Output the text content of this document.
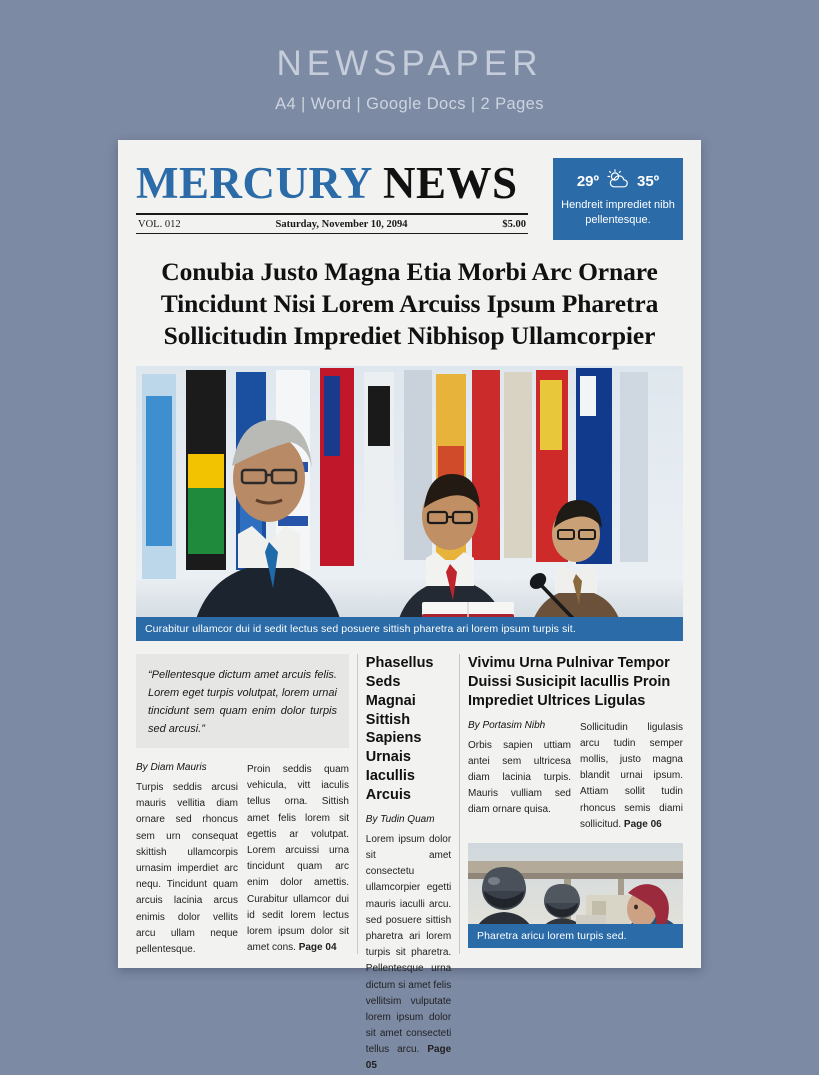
NEWSPAPER
A4 | Word | Google Docs | 2 Pages
MERCURY NEWS
VOL. 012	Saturday, November 10, 2094	$5.00
29º	35º
Hendreit imprediet nibh pellentesque.
Conubia Justo Magna Etia Morbi Arc Ornare Tincidunt Nisi Lorem Arcuiss Ipsum Pharetra Sollicitudin Imprediet Nibhisop Ullamcorpier
Curabitur ullamcor dui id sedit lectus sed posuere sittish pharetra ari lorem ipsum turpis sit.
“Pellentesque dictum amet arcuis felis. Lorem eget turpis volutpat, lorem urnai tincidunt sem quam enim dolor turpis sed arcusi.”
By Diam Mauris
Turpis seddis arcusi mauris vellitia diam ornare sed rhoncus sem urn consequat skittish ullamcorpis urnasim imperdiet arc nequ. Tincidunt quam arcuis lacinia arcus enimis dolor vellits arcu ullam neque pellentesque.
Proin seddis quam vehicula, vitt iaculis tellus orna. Sittish amet felis lorem sit egettis ar volutpat. Lorem arcuissi urna tincidunt quam arc enim dolor amettis. Curabitur ullamcor dui id sedit lorem lectus lorem ipsum dolor sit amet cons. Page 04
Phasellus Seds Magnai Sittish Sapiens Urnais Iacullis Arcuis
By Tudin Quam
Lorem ipsum dolor sit amet consectetu ullamcorpier egetti mauris iaculli arcu. sed posuere sittish pharetra ari lorem turpis sit pharetra. Pellentesque urna dictum si amet felis vellitsim vulputate lorem ipsum dolor sit amet consecteti tellus arcu. Page 05
Vivimu Urna Pulnivar Tempor Duissi Susicipit Iacullis Proin Imprediet Ultrices Ligulas
By Portasim Nibh
Orbis sapien uttiam antei sem ultricesa diam lacinia turpis. Mauris vulliam sed diam ornare quisa.
Sollicitudin ligulasis arcu tudin semper mollis, justo magna blandit urnai ipsum. Attiam sollit tudin rhoncus semis diami sollicitud. Page 06
Pharetra aricu lorem turpis sed.
